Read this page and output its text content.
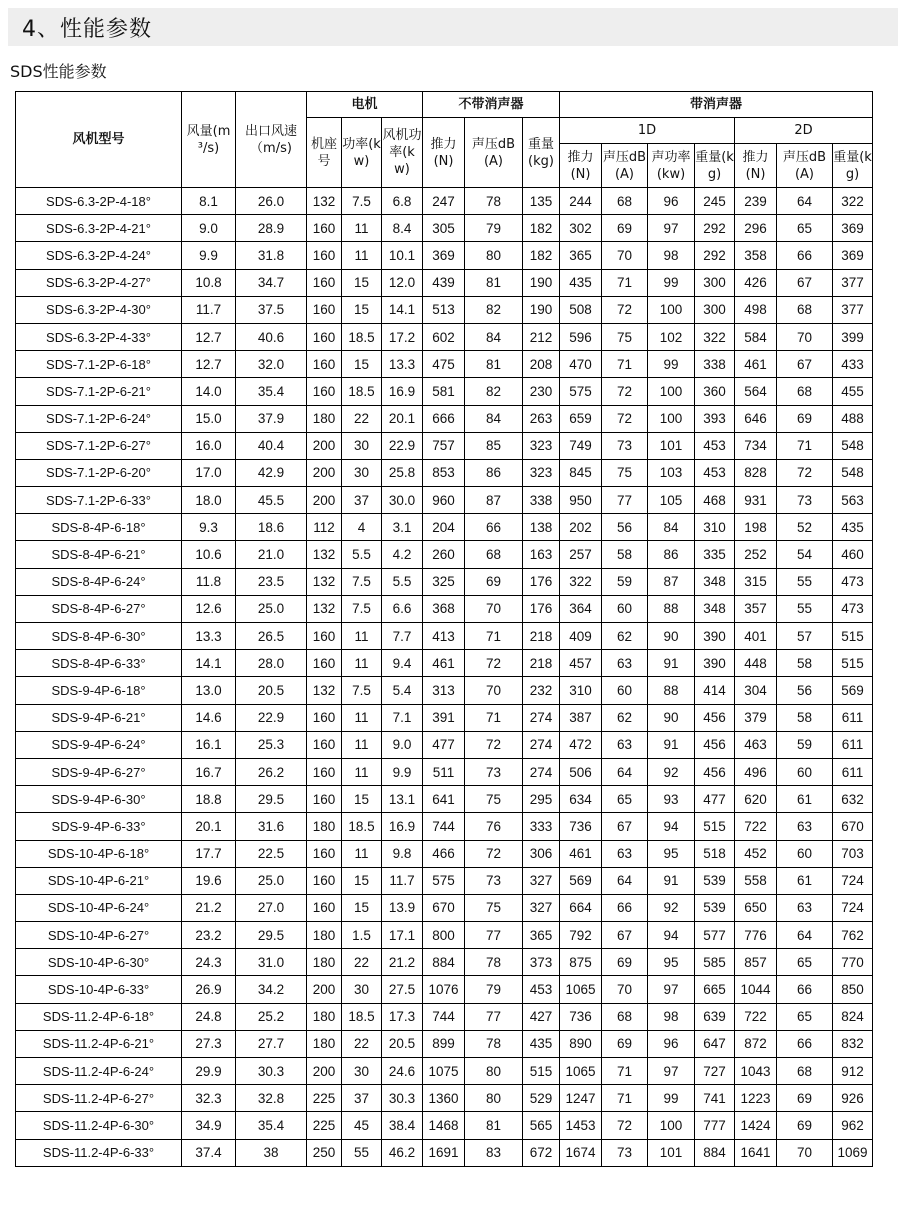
4、性能参数
SDS性能参数
风机型号	风量(m³/s)	出口风速（m/s)	电机			不带消声器			带消声器						
			机座号	功率(kw)	风机功率(kw)	推力(N)	声压dB(A)	重量(kg)	1D				2D		
									推力(N)	声压dB(A)	声功率(kw)	重量(kg)	推力(N)	声压dB(A)	重量(kg)
SDS-6.3-2P-4-18°	8.1	26.0	132	7.5	6.8	247	78	135	244	68	96	245	239	64	322
SDS-6.3-2P-4-21°	9.0	28.9	160	11	8.4	305	79	182	302	69	97	292	296	65	369
SDS-6.3-2P-4-24°	9.9	31.8	160	11	10.1	369	80	182	365	70	98	292	358	66	369
SDS-6.3-2P-4-27°	10.8	34.7	160	15	12.0	439	81	190	435	71	99	300	426	67	377
SDS-6.3-2P-4-30°	11.7	37.5	160	15	14.1	513	82	190	508	72	100	300	498	68	377
SDS-6.3-2P-4-33°	12.7	40.6	160	18.5	17.2	602	84	212	596	75	102	322	584	70	399
SDS-7.1-2P-6-18°	12.7	32.0	160	15	13.3	475	81	208	470	71	99	338	461	67	433
SDS-7.1-2P-6-21°	14.0	35.4	160	18.5	16.9	581	82	230	575	72	100	360	564	68	455
SDS-7.1-2P-6-24°	15.0	37.9	180	22	20.1	666	84	263	659	72	100	393	646	69	488
SDS-7.1-2P-6-27°	16.0	40.4	200	30	22.9	757	85	323	749	73	101	453	734	71	548
SDS-7.1-2P-6-20°	17.0	42.9	200	30	25.8	853	86	323	845	75	103	453	828	72	548
SDS-7.1-2P-6-33°	18.0	45.5	200	37	30.0	960	87	338	950	77	105	468	931	73	563
SDS-8-4P-6-18°	9.3	18.6	112	4	3.1	204	66	138	202	56	84	310	198	52	435
SDS-8-4P-6-21°	10.6	21.0	132	5.5	4.2	260	68	163	257	58	86	335	252	54	460
SDS-8-4P-6-24°	11.8	23.5	132	7.5	5.5	325	69	176	322	59	87	348	315	55	473
SDS-8-4P-6-27°	12.6	25.0	132	7.5	6.6	368	70	176	364	60	88	348	357	55	473
SDS-8-4P-6-30°	13.3	26.5	160	11	7.7	413	71	218	409	62	90	390	401	57	515
SDS-8-4P-6-33°	14.1	28.0	160	11	9.4	461	72	218	457	63	91	390	448	58	515
SDS-9-4P-6-18°	13.0	20.5	132	7.5	5.4	313	70	232	310	60	88	414	304	56	569
SDS-9-4P-6-21°	14.6	22.9	160	11	7.1	391	71	274	387	62	90	456	379	58	611
SDS-9-4P-6-24°	16.1	25.3	160	11	9.0	477	72	274	472	63	91	456	463	59	611
SDS-9-4P-6-27°	16.7	26.2	160	11	9.9	511	73	274	506	64	92	456	496	60	611
SDS-9-4P-6-30°	18.8	29.5	160	15	13.1	641	75	295	634	65	93	477	620	61	632
SDS-9-4P-6-33°	20.1	31.6	180	18.5	16.9	744	76	333	736	67	94	515	722	63	670
SDS-10-4P-6-18°	17.7	22.5	160	11	9.8	466	72	306	461	63	95	518	452	60	703
SDS-10-4P-6-21°	19.6	25.0	160	15	11.7	575	73	327	569	64	91	539	558	61	724
SDS-10-4P-6-24°	21.2	27.0	160	15	13.9	670	75	327	664	66	92	539	650	63	724
SDS-10-4P-6-27°	23.2	29.5	180	1.5	17.1	800	77	365	792	67	94	577	776	64	762
SDS-10-4P-6-30°	24.3	31.0	180	22	21.2	884	78	373	875	69	95	585	857	65	770
SDS-10-4P-6-33°	26.9	34.2	200	30	27.5	1076	79	453	1065	70	97	665	1044	66	850
SDS-11.2-4P-6-18°	24.8	25.2	180	18.5	17.3	744	77	427	736	68	98	639	722	65	824
SDS-11.2-4P-6-21°	27.3	27.7	180	22	20.5	899	78	435	890	69	96	647	872	66	832
SDS-11.2-4P-6-24°	29.9	30.3	200	30	24.6	1075	80	515	1065	71	97	727	1043	68	912
SDS-11.2-4P-6-27°	32.3	32.8	225	37	30.3	1360	80	529	1247	71	99	741	1223	69	926
SDS-11.2-4P-6-30°	34.9	35.4	225	45	38.4	1468	81	565	1453	72	100	777	1424	69	962
SDS-11.2-4P-6-33°	37.4	38	250	55	46.2	1691	83	672	1674	73	101	884	1641	70	1069
